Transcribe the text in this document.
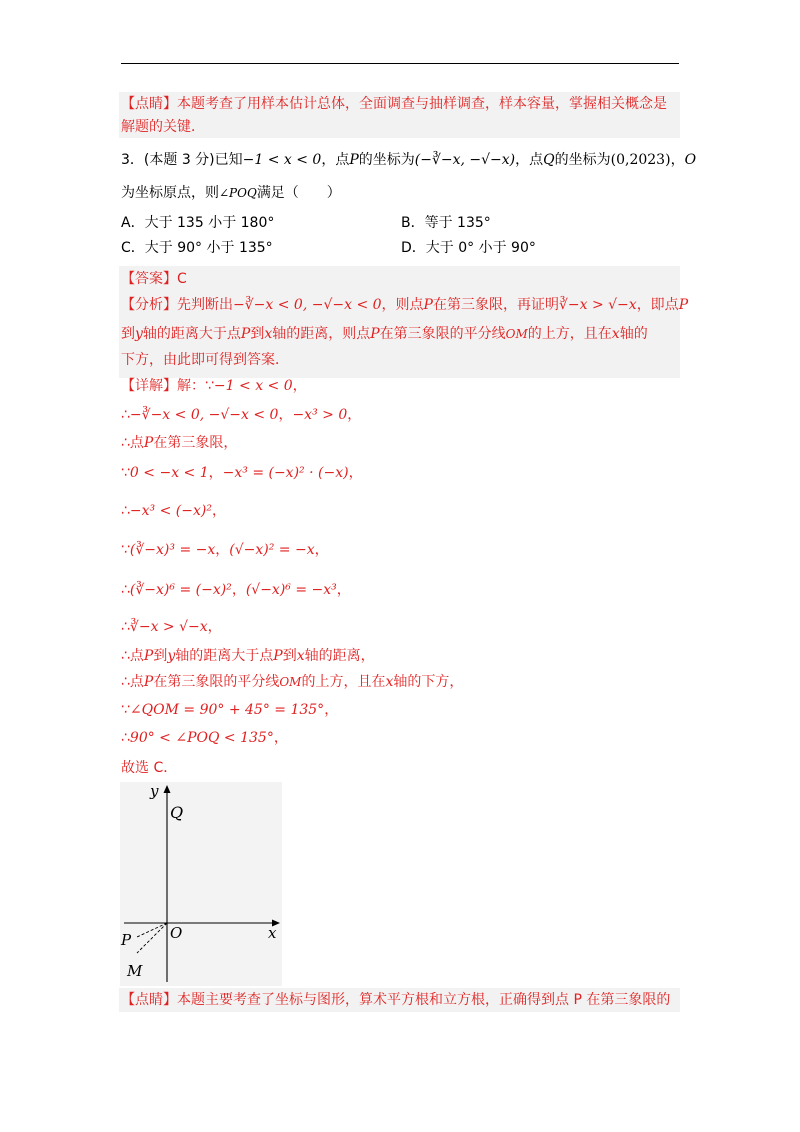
【点睛】本题考查了用样本估计总体，全面调查与抽样调查，样本容量，掌握相关概念是
解题的关键．
3．(本题 3 分)已知−1 < x < 0，点P的坐标为(−∛−x, −√−x)，点Q的坐标为(0,2023)，O
为坐标原点，则∠POQ满足（　　）
A．大于 135 小于 180°	B．等于 135°
C．大于 90° 小于 135°	D．大于 0° 小于 90°
【答案】C
【分析】先判断出−∛−x < 0, −√−x < 0，则点P在第三象限，再证明∛−x > √−x，即点P
到y轴的距离大于点P到x轴的距离，则点P在第三象限的平分线OM的上方，且在x轴的
下方，由此即可得到答案．
【详解】解：∵−1 < x < 0，
∴−∛−x < 0, −√−x < 0，−x³ > 0，
∴点P在第三象限，
∵0 < −x < 1，−x³ = (−x)² · (−x)，
∴−x³ < (−x)²，
∵(∛−x)³ = −x，(√−x)² = −x，
∴(∛−x)⁶ = (−x)²，(√−x)⁶ = −x³，
∴∛−x > √−x，
∴点P到y轴的距离大于点P到x轴的距离，
∴点P在第三象限的平分线OM的上方，且在x轴的下方，
∵∠QOM = 90° + 45° = 135°，
∴90° < ∠POQ < 135°，
故选 C．
y
Q
O	x
P
M
【点睛】本题主要考查了坐标与图形，算术平方根和立方根，正确得到点 P 在第三象限的
